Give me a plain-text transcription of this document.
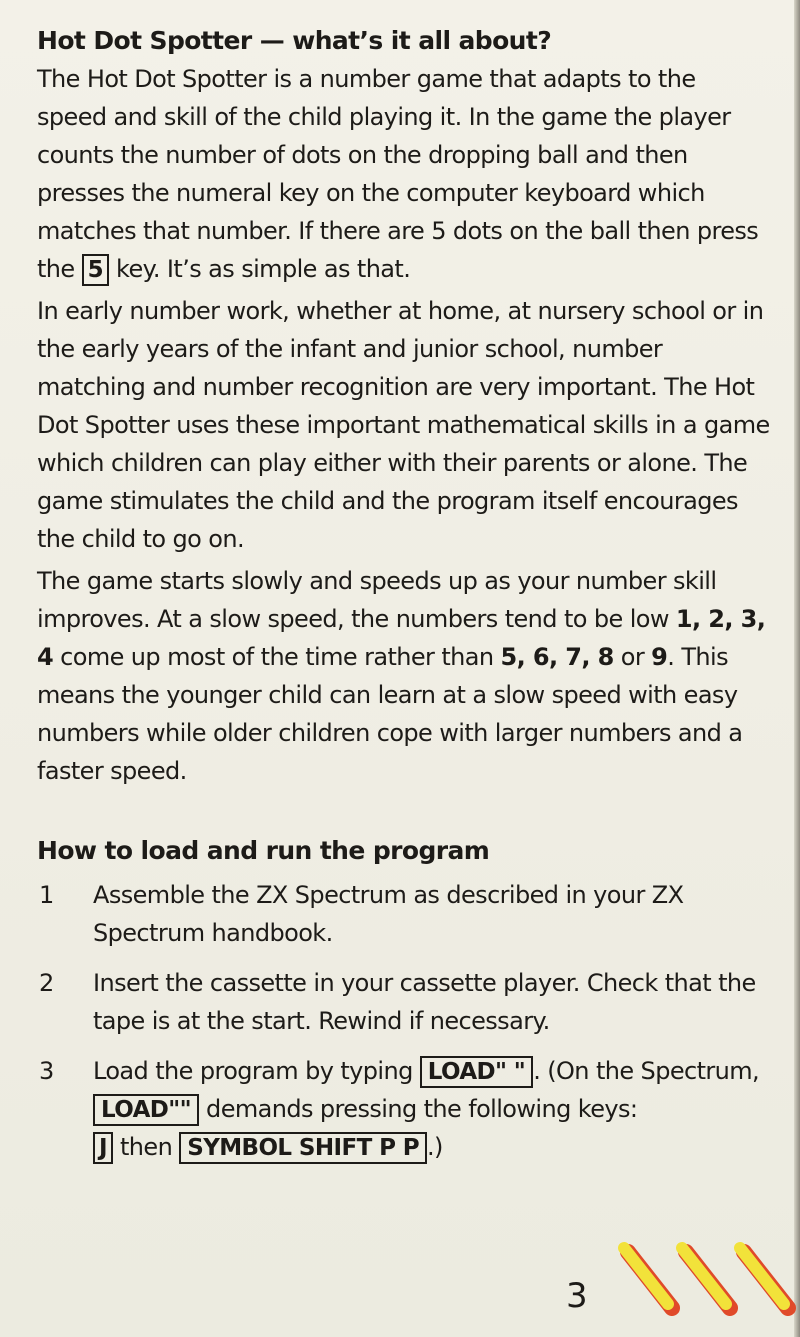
Hot Dot Spotter — what’s it all about?

The Hot Dot Spotter is a number game that adapts to the speed and skill of the child playing it. In the game the player counts the number of dots on the dropping ball and then presses the numeral key on the computer keyboard which matches that number. If there are 5 dots on the ball then press the 5 key. It’s as simple as that.

In early number work, whether at home, at nursery school or in the early years of the infant and junior school, number matching and number recognition are very important. The Hot Dot Spotter uses these important mathematical skills in a game which children can play either with their parents or alone. The game stimulates the child and the program itself encourages the child to go on.

The game starts slowly and speeds up as your number skill improves. At a slow speed, the numbers tend to be low 1, 2, 3, 4 come up most of the time rather than 5, 6, 7, 8 or 9. This means the younger child can learn at a slow speed with easy numbers while older children cope with larger numbers and a faster speed.

How to load and run the program
1 Assemble the ZX Spectrum as described in your ZX Spectrum handbook.
2 Insert the cassette in your cassette player. Check that the tape is at the start. Rewind if necessary.
3 Load the program by typing LOAD" " . (On the Spectrum, LOAD"" demands pressing the following keys:
J then SYMBOL SHIFT P P .)
3
